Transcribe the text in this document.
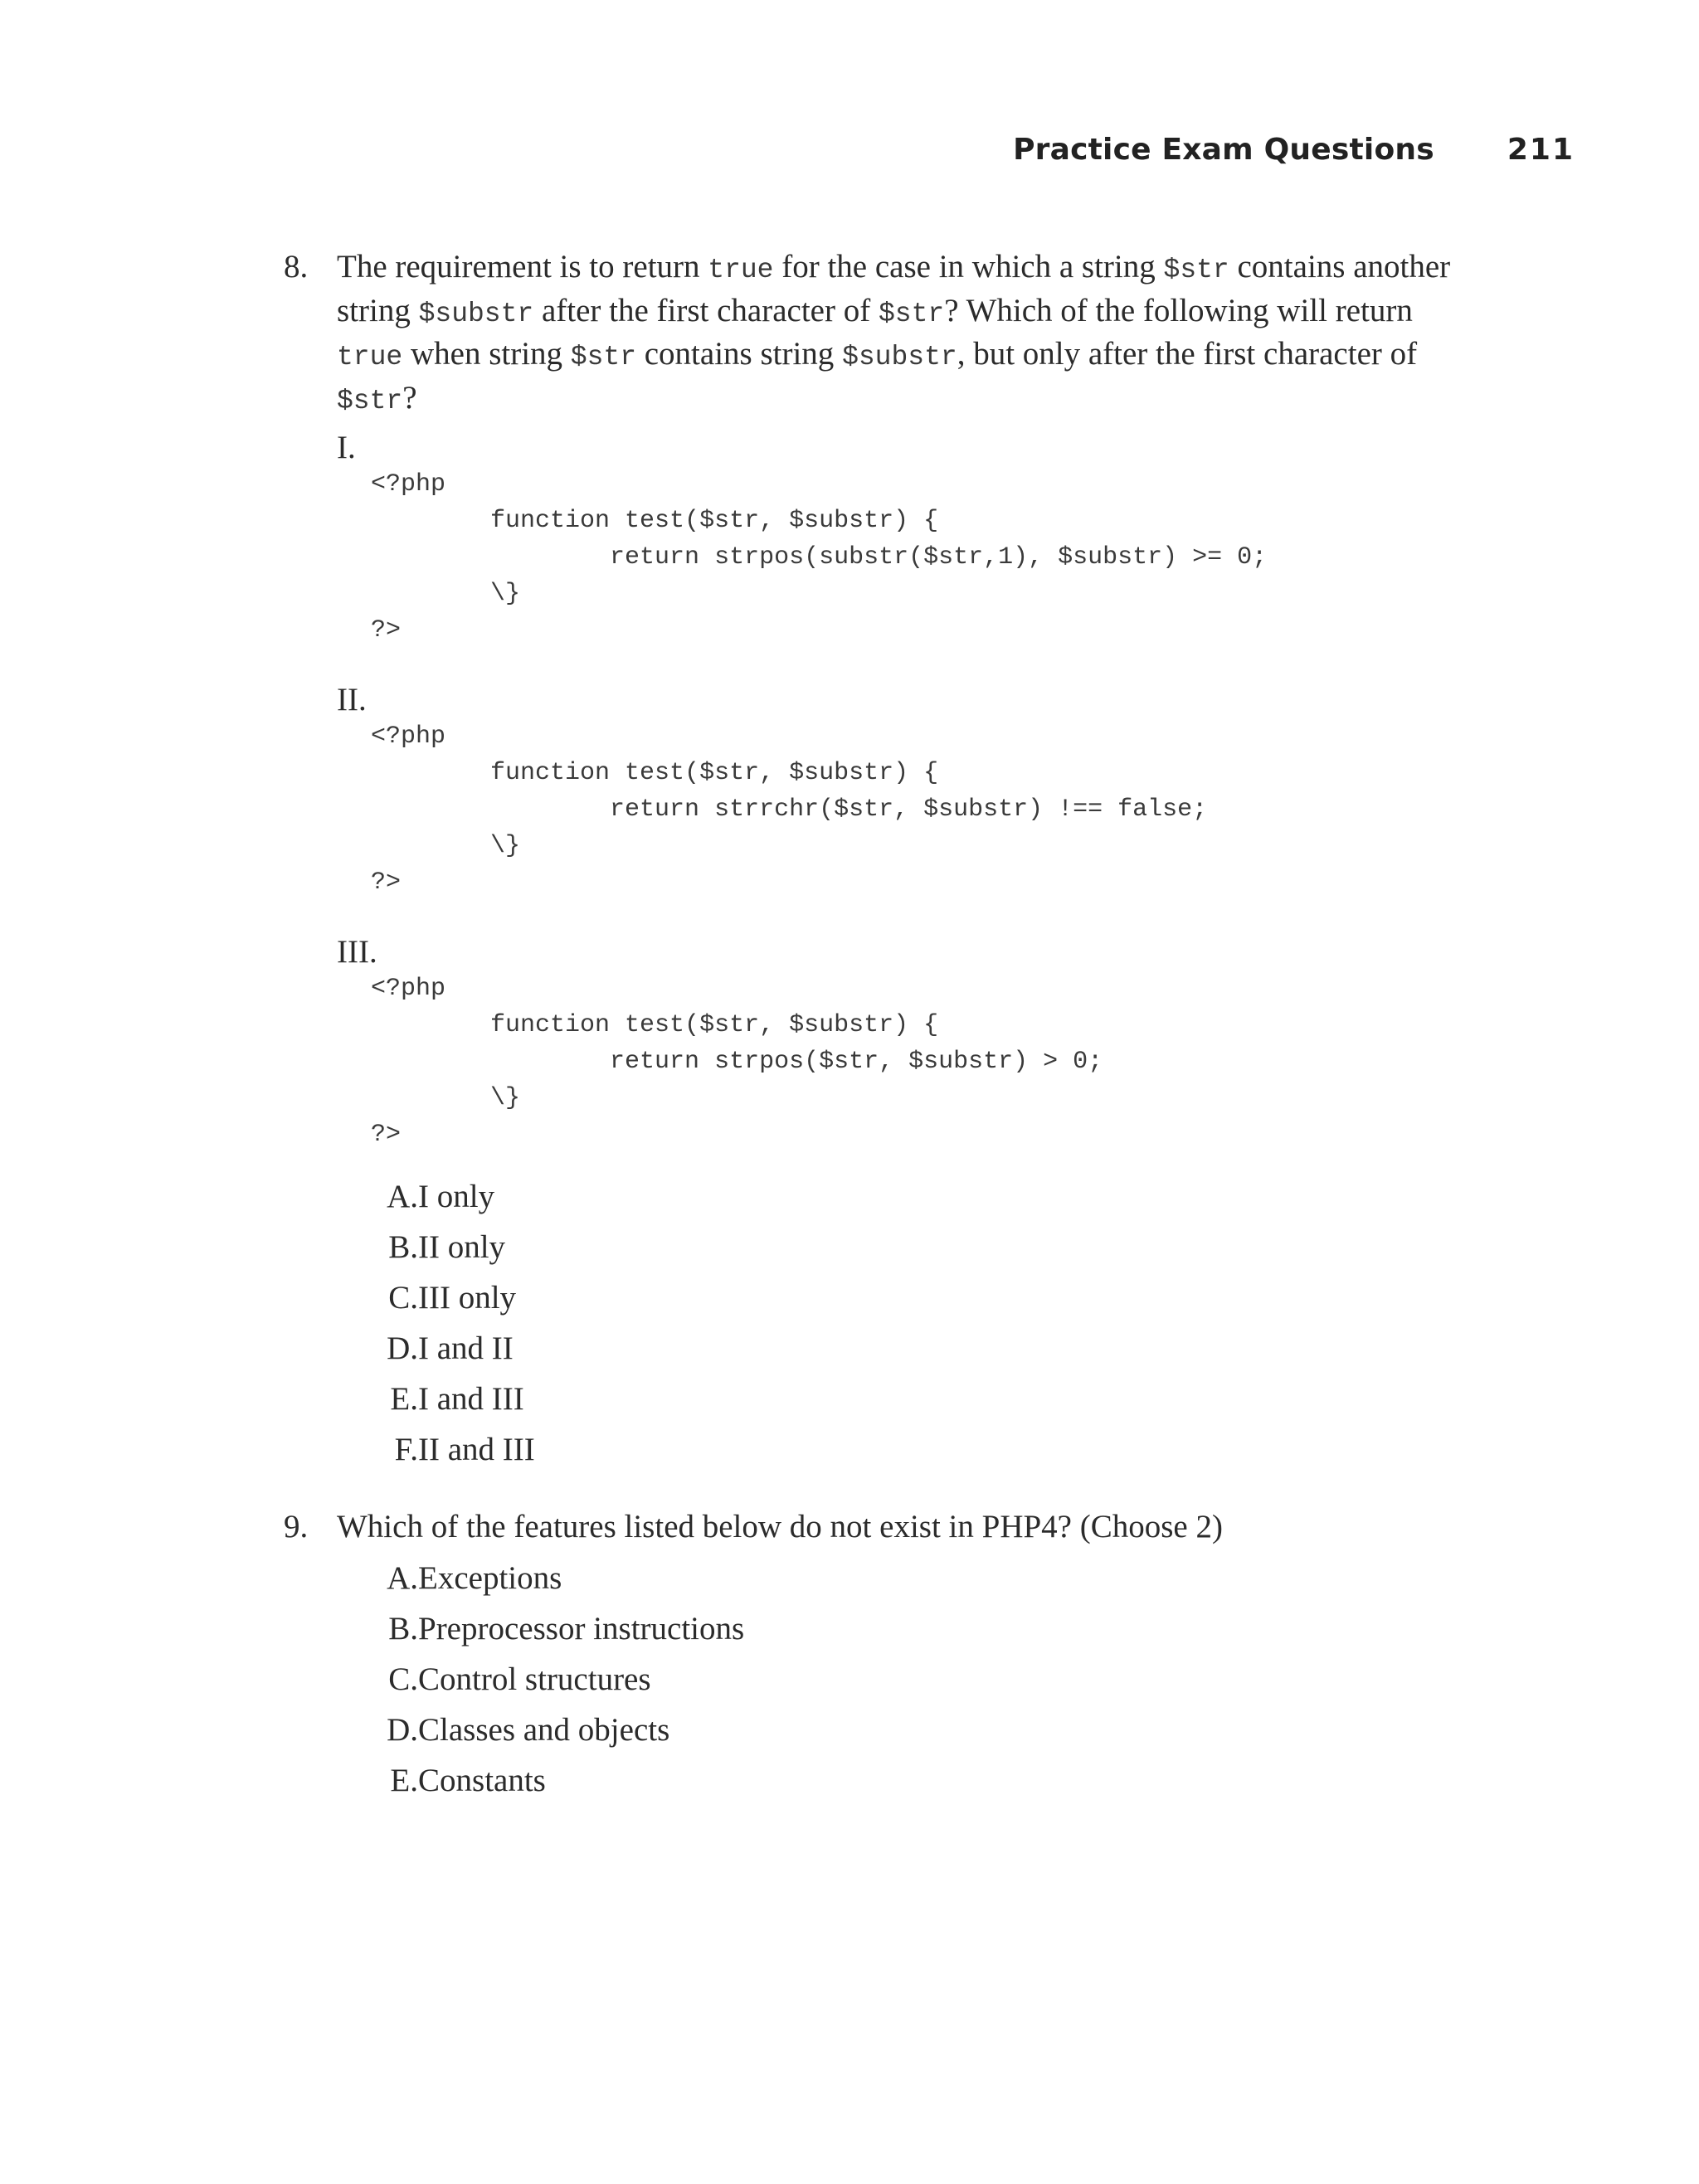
Practice Exam Questions 211
8. The requirement is to return true for the case in which a string $str contains another string $substr after the first character of $str? Which of the following will return true when string $str contains string $substr, but only after the first character of $str?

I.
<?php
function test($str, $substr) {
return strpos(substr($str,1), $substr) >= 0;
\}
?>
II.
<?php
function test($str, $substr) {
return strrchr($str, $substr) !== false;
\}
?>
III.
<?php
function test($str, $substr) {
return strpos($str, $substr) > 0;
\}
?>
A. I only
B. II only
C. III only
D. I and II
E. I and III
F. II and III
9. Which of the features listed below do not exist in PHP4? (Choose 2)

A. Exceptions
B. Preprocessor instructions
C. Control structures
D. Classes and objects
E. Constants
